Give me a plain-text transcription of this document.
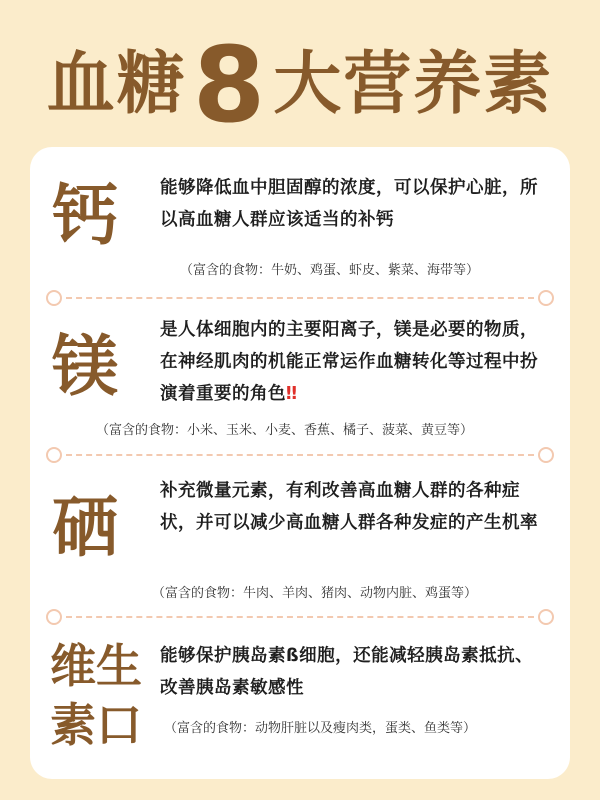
血糖 8 大营养素
钙 能够降低血中胆固醇的浓度，可以保护心脏，所以高血糖人群应该适当的补钙
（富含的食物：牛奶、鸡蛋、虾皮、紫菜、海带等）
镁 是人体细胞内的主要阳离子，镁是必要的物质，在神经肌肉的机能正常运作血糖转化等过程中扮演着重要的角色‼
（富含的食物：小米、玉米、小麦、香蕉、橘子、菠菜、黄豆等）
硒 补充微量元素，有利改善高血糖人群的各种症状，并可以减少高血糖人群各种发症的产生机率
（富含的食物：牛肉、羊肉、猪肉、动物内脏、鸡蛋等）
维生
素口
能够保护胰岛素ß细胞，还能减轻胰岛素抵抗、改善胰岛素敏感性
（富含的食物：动物肝脏以及瘦肉类，蛋类、鱼类等）
